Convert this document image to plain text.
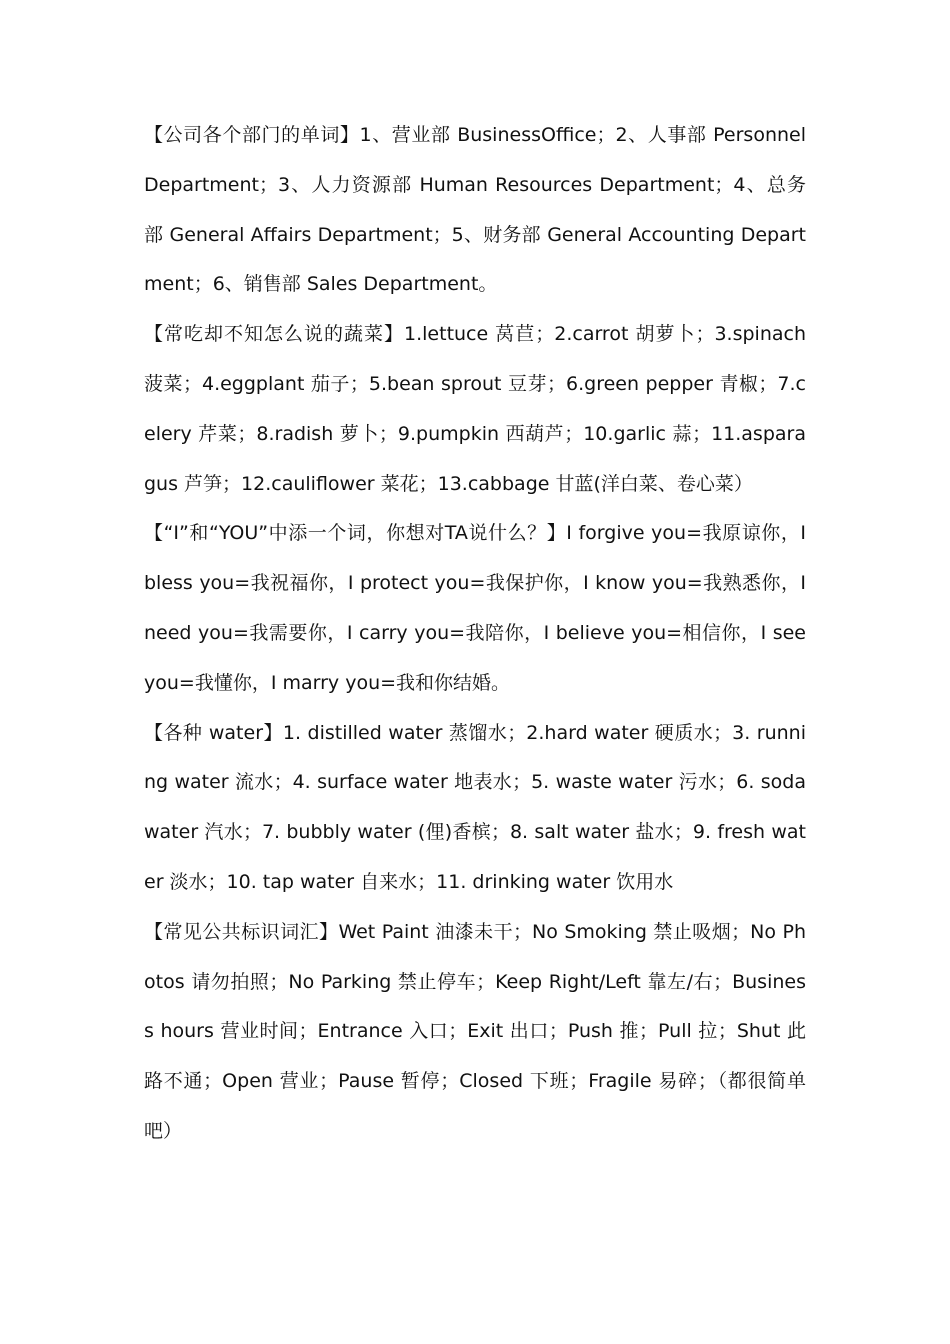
【公司各个部门的单词】1、营业部 BusinessOffice；2、人事部 Personnel Department；3、人力资源部 Human Resources Department；4、总务部 General Affairs Department；5、财务部 General Accounting Department；6、销售部 Sales Department。

【常吃却不知怎么说的蔬菜】1.lettuce 莴苣；2.carrot 胡萝卜；3.spinach 菠菜；4.eggplant 茄子；5.bean sprout 豆芽；6.green pepper 青椒；7.celery 芹菜；8.radish 萝卜；9.pumpkin 西葫芦；10.garlic 蒜；11.asparagus 芦笋；12.cauliflower 菜花；13.cabbage 甘蓝(洋白菜、卷心菜）

【“I”和“YOU”中添一个词，你想对TA说什么？】I forgive you=我原谅你，I bless you=我祝福你，I protect you=我保护你，I know you=我熟悉你，I need you=我需要你，I carry you=我陪你，I believe you=相信你，I see you=我懂你，I marry you=我和你结婚。

【各种 water】1. distilled water 蒸馏水；2.hard water 硬质水；3. running water 流水；4. surface water 地表水；5. waste water 污水；6. soda water 汽水；7. bubbly water (俚)香槟；8. salt water 盐水；9. fresh water 淡水；10. tap water 自来水；11. drinking water 饮用水

【常见公共标识词汇】Wet Paint 油漆未干；No Smoking 禁止吸烟；No Photos 请勿拍照；No Parking 禁止停车；Keep Right/Left 靠左/右；Business hours 营业时间；Entrance 入口；Exit 出口；Push 推；Pull 拉；Shut 此路不通；Open 营业；Pause 暂停；Closed 下班；Fragile 易碎；（都很简单吧）
